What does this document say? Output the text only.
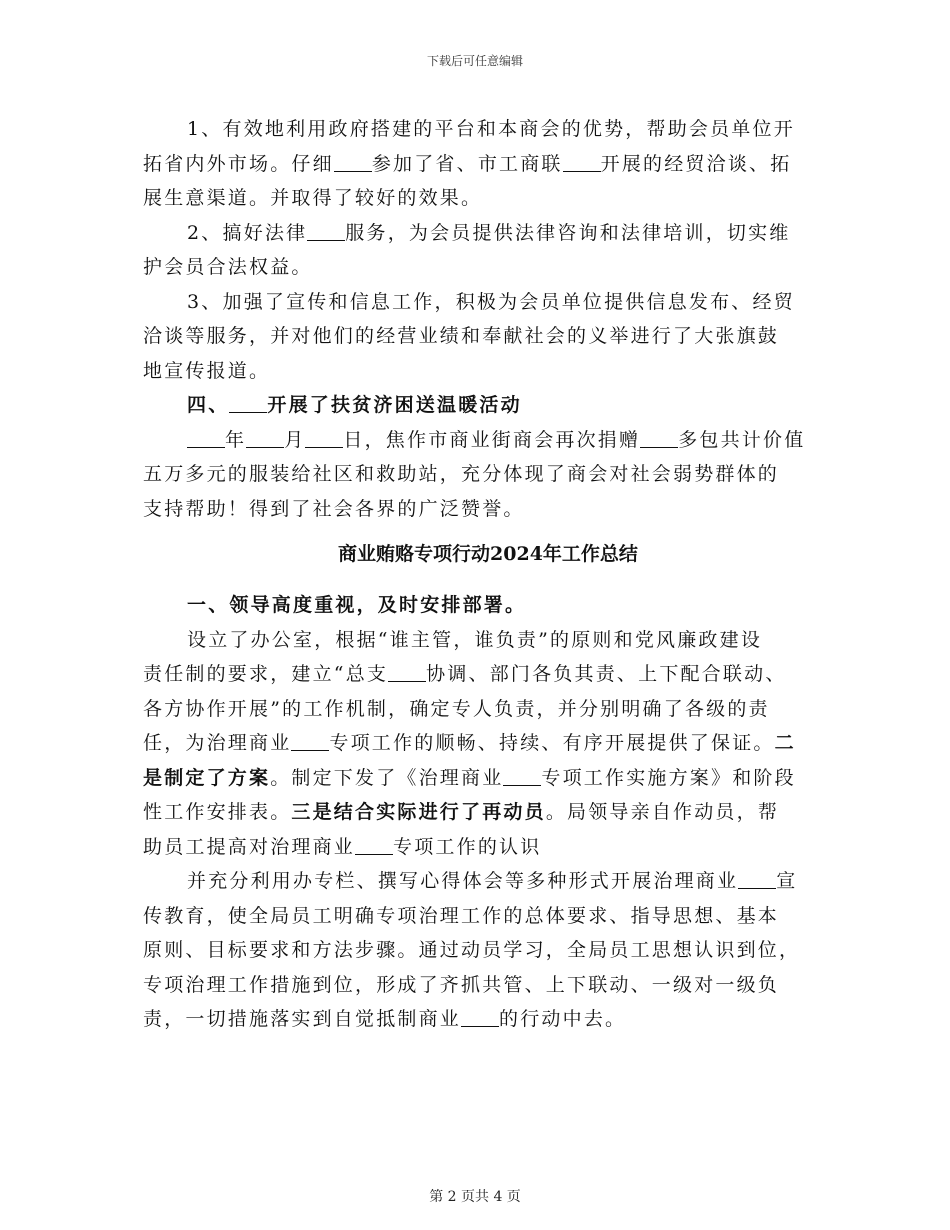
下载后可任意编辑
1、有效地利用政府搭建的平台和本商会的优势，帮助会员单位开
拓省内外市场。仔细 参加了省、市工商联 开展的经贸洽谈、拓
展生意渠道。并取得了较好的效果。
2、搞好法律 服务，为会员提供法律咨询和法律培训，切实维
护会员合法权益。
3、加强了宣传和信息工作，积极为会员单位提供信息发布、经贸
洽谈等服务，并对他们的经营业绩和奉献社会的义举进行了大张旗鼓
地宣传报道。
四、 开展了扶贫济困送温暖活动
年 月 日，焦作市商业街商会再次捐赠 多包共计价值
五万多元的服装给社区和救助站，充分体现了商会对社会弱势群体的
支持帮助！得到了社会各界的广泛赞誉。
商业贿赂专项行动2024年工作总结
一、领导高度重视，及时安排部署。
设立了办公室，根据“谁主管，谁负责”的原则和党风廉政建设
责任制的要求，建立“总支 协调、部门各负其责、上下配合联动、
各方协作开展”的工作机制，确定专人负责，并分别明确了各级的责
任，为治理商业 专项工作的顺畅、持续、有序开展提供了保证。二
是制定了方案。制定下发了《治理商业 专项工作实施方案》和阶段
性工作安排表。三是结合实际进行了再动员。局领导亲自作动员，帮
助员工提高对治理商业 专项工作的认识
并充分利用办专栏、撰写心得体会等多种形式开展治理商业 宣
传教育，使全局员工明确专项治理工作的总体要求、指导思想、基本
原则、目标要求和方法步骤。通过动员学习，全局员工思想认识到位，
专项治理工作措施到位，形成了齐抓共管、上下联动、一级对一级负
责，一切措施落实到自觉抵制商业 的行动中去。
第 2 页共 4 页
